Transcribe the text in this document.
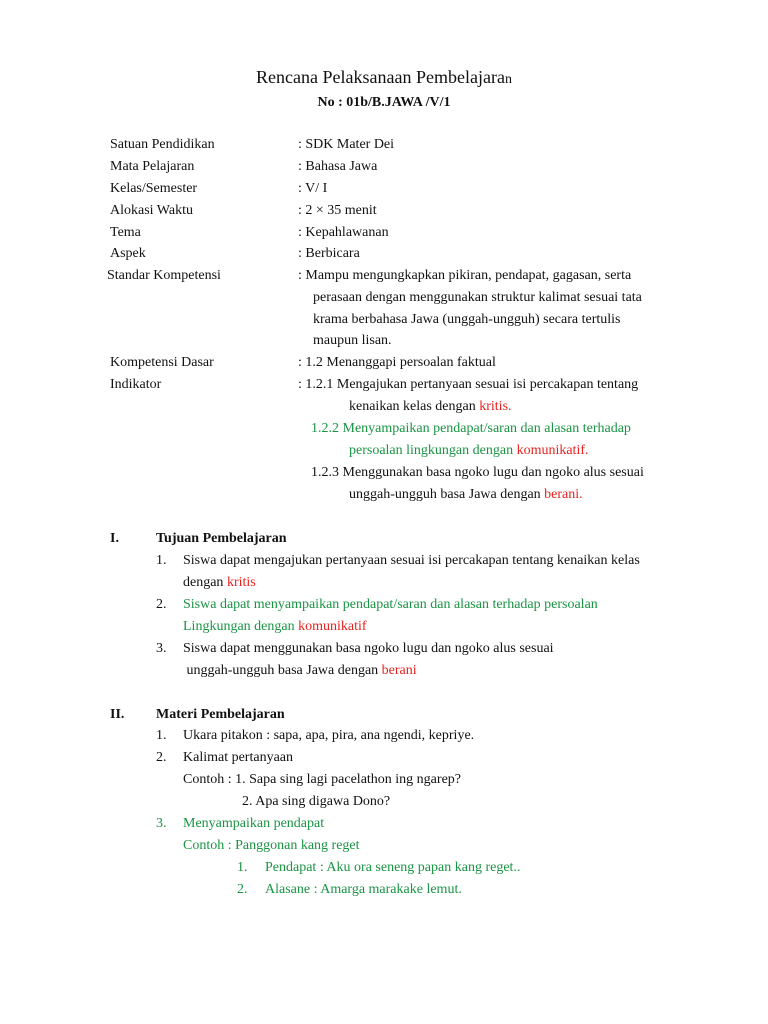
Rencana Pelaksanaan Pembelajaran
No : 01b/B.JAWA /V/1
Satuan Pendidikan	: SDK Mater Dei
Mata Pelajaran	: Bahasa Jawa
Kelas/Semester	: V/ I
Alokasi Waktu	: 2 × 35 menit
Tema	: Kepahlawanan
Aspek	: Berbicara
Standar Kompetensi	: Mampu mengungkapkan pikiran, pendapat, gagasan, serta
perasaan dengan menggunakan struktur kalimat sesuai tata
krama berbahasa Jawa (unggah-ungguh) secara tertulis
maupun lisan.
Kompetensi Dasar	: 1.2 Menanggapi persoalan faktual
Indikator	: 1.2.1 Mengajukan pertanyaan sesuai isi percakapan tentang
kenaikan kelas dengan kritis.
1.2.2 Menyampaikan pendapat/saran dan alasan terhadap
persoalan lingkungan dengan komunikatif.
1.2.3 Menggunakan basa ngoko lugu dan ngoko alus sesuai
unggah-ungguh basa Jawa dengan berani.
I.	Tujuan Pembelajaran
1. Siswa dapat mengajukan pertanyaan sesuai isi percakapan tentang kenaikan kelas
dengan kritis
2. Siswa dapat menyampaikan pendapat/saran dan alasan terhadap persoalan
Lingkungan dengan komunikatif
3. Siswa dapat menggunakan basa ngoko lugu dan ngoko alus sesuai
unggah-ungguh basa Jawa dengan berani
II. Materi Pembelajaran
1. Ukara pitakon : sapa, apa, pira, ana ngendi, kepriye.
2. Kalimat pertanyaan
Contoh : 1. Sapa sing lagi pacelathon ing ngarep?
2. Apa sing digawa Dono?
3. Menyampaikan pendapat
Contoh : Panggonan kang reget
1. Pendapat : Aku ora seneng papan kang reget..
2. Alasane : Amarga marakake lemut.
